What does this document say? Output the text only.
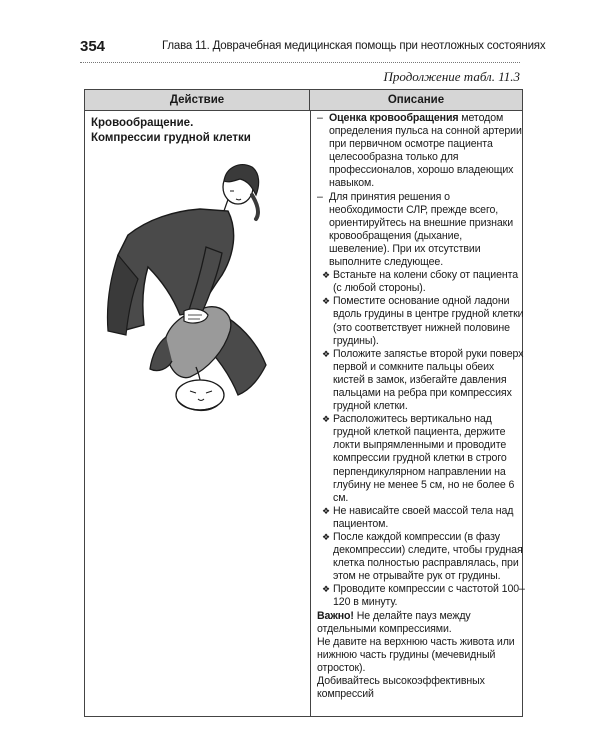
354	Глава 11. Доврачебная медицинская помощь при неотложных состояниях
Продолжение табл. 11.3
Действие	Описание
Кровообращение.
Компрессии грудной клетки
– Оценка кровообращения методом определения пульса на сонной артерии при первичном осмотре пациента целесообразна только для профессионалов, хорошо владеющих навыком.
– Для принятия решения о необходимости СЛР, прежде всего, ориентируйтесь на внешние признаки кровообращения (дыхание, шевеление). При их отсутствии выполните следующее.
❖ Встаньте на колени сбоку от пациента (с любой стороны).
❖ Поместите основание одной ладони вдоль грудины в центре грудной клетки (это соответствует нижней половине грудины).
❖ Положите запястье второй руки поверх первой и сомкните пальцы обеих кистей в замок, избегайте давления пальцами на ребра при компрессиях грудной клетки.
❖ Расположитесь вертикально над грудной клеткой пациента, держите локти выпрямленными и проводите компрессии грудной клетки в строго перпендикулярном направлении на глубину не менее 5 см, но не более 6 см.
❖ Не нависайте своей массой тела над пациентом.
❖ После каждой компрессии (в фазу декомпрессии) следите, чтобы грудная клетка полностью расправлялась, при этом не отрывайте рук от грудины.
❖ Проводите компрессии с частотой 100–120 в минуту.

Важно! Не делайте пауз между отдельными компрессиями.

Не давите на верхнюю часть живота или нижнюю часть грудины (мечевидный отросток).

Добивайтесь высокоэффективных компрессий
